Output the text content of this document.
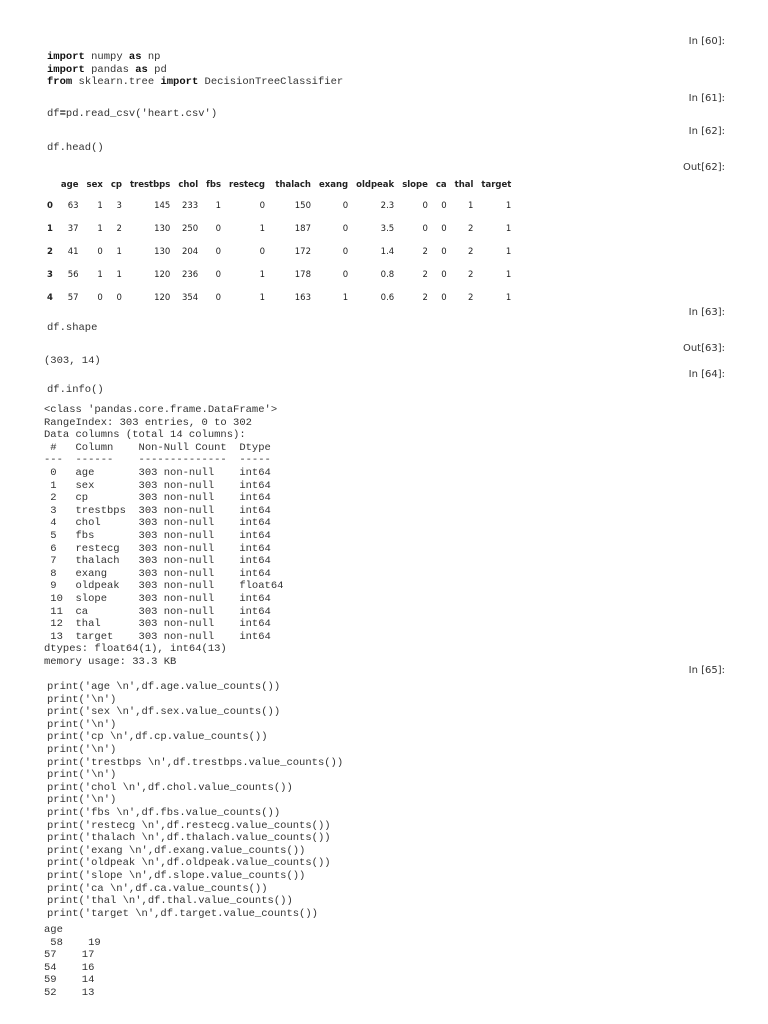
In [60]:
import numpy as np
import pandas as pd
from sklearn.tree import DecisionTreeClassifier
In [61]:
df=pd.read_csv('heart.csv')
In [62]:
df.head()
Out[62]:
	age	sex	cp	trestbps	chol	fbs	restecg	thalach	exang	oldpeak	slope	ca	thal	target
0	63	1	3	145	233	1	0	150	0	2.3	0	0	1	1
1	37	1	2	130	250	0	1	187	0	3.5	0	0	2	1
2	41	0	1	130	204	0	0	172	0	1.4	2	0	2	1
3	56	1	1	120	236	0	1	178	0	0.8	2	0	2	1
4	57	0	0	120	354	0	1	163	1	0.6	2	0	2	1
In [63]:
df.shape
Out[63]:
(303, 14)
In [64]:
df.info()
<class 'pandas.core.frame.DataFrame'>
RangeIndex: 303 entries, 0 to 302
Data columns (total 14 columns):
#   Column    Non-Null Count  Dtype
---  ------    --------------  -----
0   age       303 non-null    int64
1   sex       303 non-null    int64
2   cp        303 non-null    int64
3   trestbps  303 non-null    int64
4   chol      303 non-null    int64
5   fbs       303 non-null    int64
6   restecg   303 non-null    int64
7   thalach   303 non-null    int64
8   exang     303 non-null    int64
9   oldpeak   303 non-null    float64
10  slope     303 non-null    int64
11  ca        303 non-null    int64
12  thal      303 non-null    int64
13  target    303 non-null    int64
dtypes: float64(1), int64(13)
memory usage: 33.3 KB
In [65]:
print('age \n',df.age.value_counts())
print('\n')
print('sex \n',df.sex.value_counts())
print('\n')
print('cp \n',df.cp.value_counts())
print('\n')
print('trestbps \n',df.trestbps.value_counts())
print('\n')
print('chol \n',df.chol.value_counts())
print('\n')
print('fbs \n',df.fbs.value_counts())
print('restecg \n',df.restecg.value_counts())
print('thalach \n',df.thalach.value_counts())
print('exang \n',df.exang.value_counts())
print('oldpeak \n',df.oldpeak.value_counts())
print('slope \n',df.slope.value_counts())
print('ca \n',df.ca.value_counts())
print('thal \n',df.thal.value_counts())
print('target \n',df.target.value_counts())
age
58    19
57    17
54    16
59    14
52    13
